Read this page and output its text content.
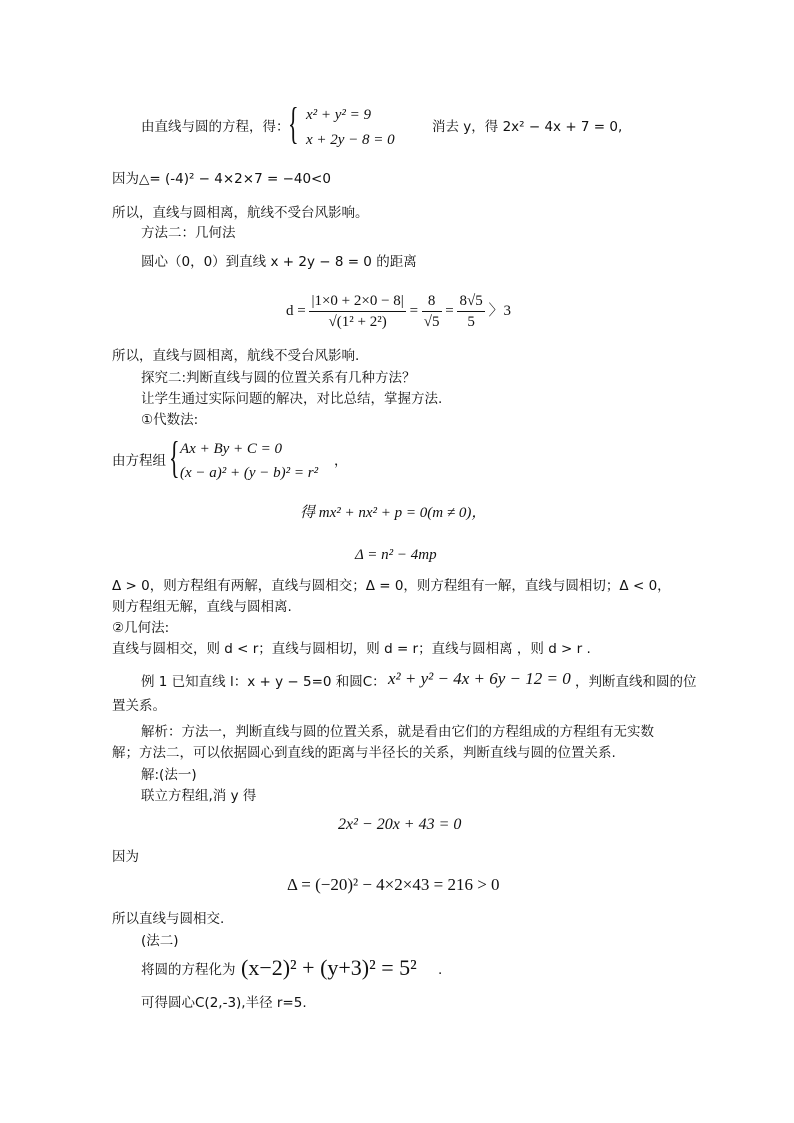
由直线与圆的方程，得：
{ x² + y² = 9
x + 2y − 8 = 0
消去 y，得 2x² − 4x + 7 = 0,
因为△= (-4)² − 4×2×7 = −40<0
所以，直线与圆相离，航线不受台风影响。
方法二：几何法
圆心（0，0）到直线 x + 2y − 8 = 0 的距离
$d = \frac{|1\times 0 + 2\times 0 - 8|}{\text{√(1² + 2²)}} = \frac{8}{√5} = \frac{8√5}{5}$ 〉3
所以，直线与圆相离，航线不受台风影响.
探究二:判断直线与圆的位置关系有几种方法？
让学生通过实际问题的解决，对比总结，掌握方法.
①代数法:
由方程组 { Ax + By + C = 0
(x − a)² + (y − b)² = r²
，
得 mx² + nx² + p = 0(m ≠ 0)，
Δ = n² − 4mp
Δ > 0，则方程组有两解，直线与圆相交；Δ = 0，则方程组有一解，直线与圆相切；Δ < 0，
则方程组无解，直线与圆相离.
②几何法:
直线与圆相交，则 d < r；直线与圆相切，则 d = r；直线与圆相离 ，则 d > r .
例 1 已知直线 l：x + y − 5=0 和圆C： x² + y² − 4x + 6y − 12 = 0 ，判断直线和圆的位
置关系。
解析：方法一，判断直线与圆的位置关系，就是看由它们的方程组成的方程组有无实数
解；方法二，可以依据圆心到直线的距离与半径长的关系，判断直线与圆的位置关系.
解:(法一)
联立方程组,消 y 得
2x² − 20x + 43 = 0
因为
Δ = (−20)² − 4×2×43 = 216 > 0
所以直线与圆相交.
(法二)
将圆的方程化为 (x−2)² + (y+3)² = 5² .
可得圆心C(2,-3),半径 r=5.
